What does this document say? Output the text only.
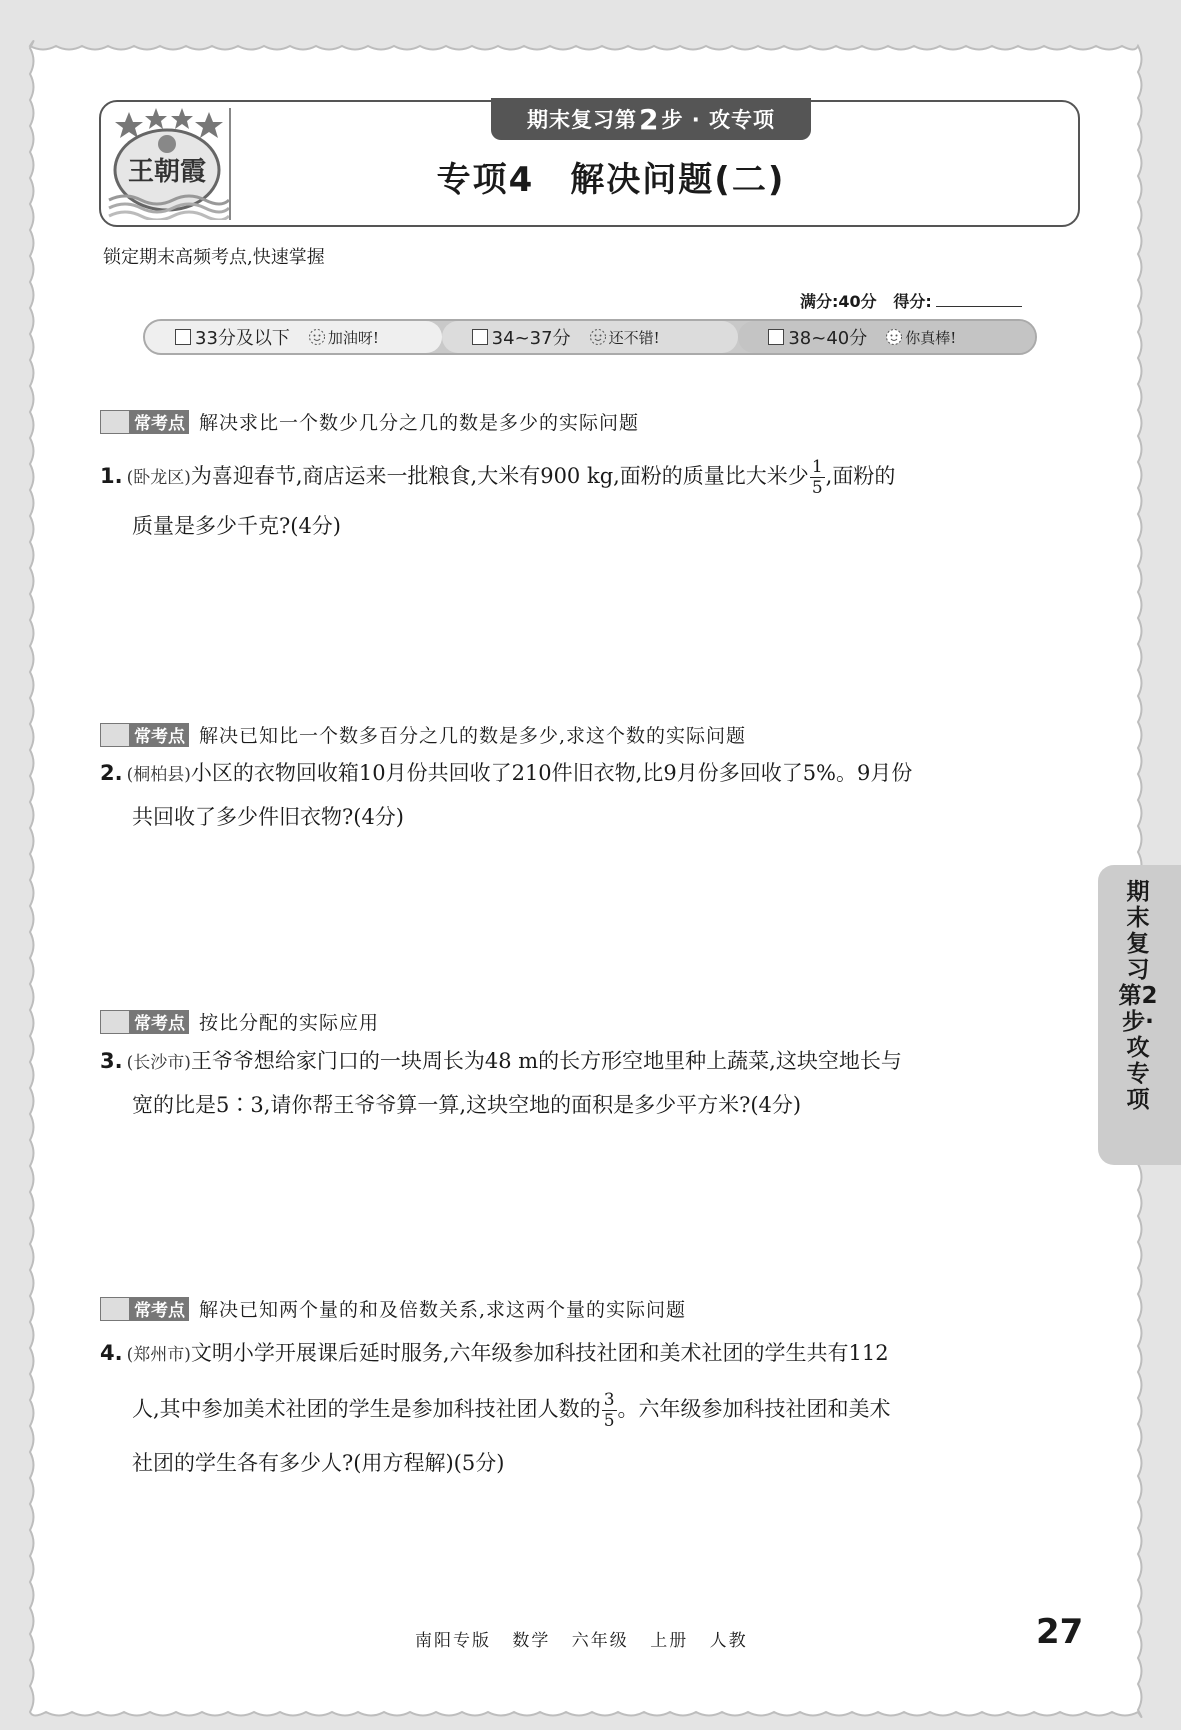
王朝霞
期末复习第 2 步 · 攻专项
专项4　解决问题(二)
锁定期末高频考点,快速掌握
满分:40分 得分:
33分及以下	加油呀!	34~37分	还不错!	38~40分	你真棒!
常考点 解决求比一个数少几分之几的数是多少的实际问题
1. (卧龙区)为喜迎春节,商店运来一批粮食,大米有900 kg,面粉的质量比大米少 $\frac{1}{5}$ ,面粉的
质量是多少千克?(4分)
常考点 解决已知比一个数多百分之几的数是多少,求这个数的实际问题
2. (桐柏县)小区的衣物回收箱10月份共回收了210件旧衣物,比9月份多回收了5%。9月份
共回收了多少件旧衣物?(4分)
常考点 按比分配的实际应用
3. (长沙市)王爷爷想给家门口的一块周长为48 m的长方形空地里种上蔬菜,这块空地长与
宽的比是5∶3,请你帮王爷爷算一算,这块空地的面积是多少平方米?(4分)
常考点 解决已知两个量的和及倍数关系,求这两个量的实际问题
4. (郑州市)文明小学开展课后延时服务,六年级参加科技社团和美术社团的学生共有112
人,其中参加美术社团的学生是参加科技社团人数的 $\frac{3}{5}$ 。六年级参加科技社团和美术
社团的学生各有多少人?(用方程解)(5分)
期末复习第2步·攻专项
南阳专版 数学 六年级 上册 人教	27
